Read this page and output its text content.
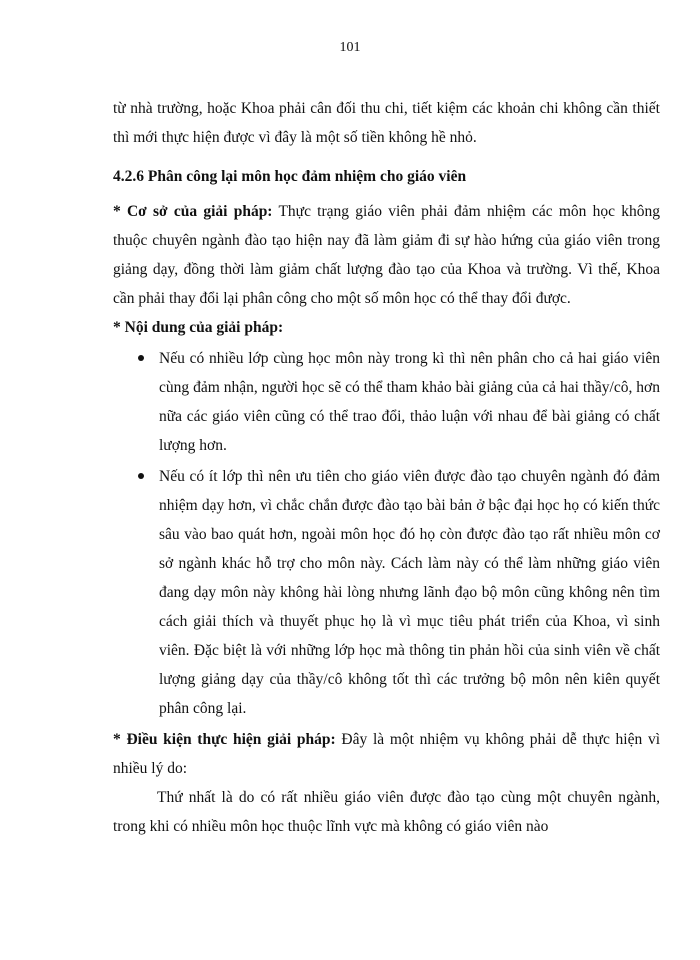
101

từ nhà trường, hoặc Khoa phải cân đối thu chi, tiết kiệm các khoản chi không cần thiết thì mới thực hiện được vì đây là một số tiền không hề nhỏ.

4.2.6 Phân công lại môn học đảm nhiệm cho giáo viên

* Cơ sở của giải pháp: Thực trạng giáo viên phải đảm nhiệm các môn học không thuộc chuyên ngành đào tạo hiện nay đã làm giảm đi sự hào hứng của giáo viên trong giảng dạy, đồng thời làm giảm chất lượng đào tạo của Khoa và trường. Vì thế, Khoa cần phải thay đổi lại phân công cho một số môn học có thể thay đổi được.

* Nội dung của giải pháp:

Nếu có nhiều lớp cùng học môn này trong kì thì nên phân cho cả hai giáo viên cùng đảm nhận, người học sẽ có thể tham khảo bài giảng của cả hai thầy/cô, hơn nữa các giáo viên cũng có thể trao đổi, thảo luận với nhau để bài giảng có chất lượng hơn.
Nếu có ít lớp thì nên ưu tiên cho giáo viên được đào tạo chuyên ngành đó đảm nhiệm dạy hơn, vì chắc chắn được đào tạo bài bản ở bậc đại học họ có kiến thức sâu vào bao quát hơn, ngoài môn học đó họ còn được đào tạo rất nhiều môn cơ sở ngành khác hỗ trợ cho môn này. Cách làm này có thể làm những giáo viên đang dạy môn này không hài lòng nhưng lãnh đạo bộ môn cũng không nên tìm cách giải thích và thuyết phục họ là vì mục tiêu phát triển của Khoa, vì sinh viên. Đặc biệt là với những lớp học mà thông tin phản hồi của sinh viên về chất lượng giảng dạy của thầy/cô không tốt thì các trưởng bộ môn nên kiên quyết phân công lại.

* Điều kiện thực hiện giải pháp: Đây là một nhiệm vụ không phải dễ thực hiện vì nhiều lý do:

Thứ nhất là do có rất nhiều giáo viên được đào tạo cùng một chuyên ngành, trong khi có nhiều môn học thuộc lĩnh vực mà không có giáo viên nào
